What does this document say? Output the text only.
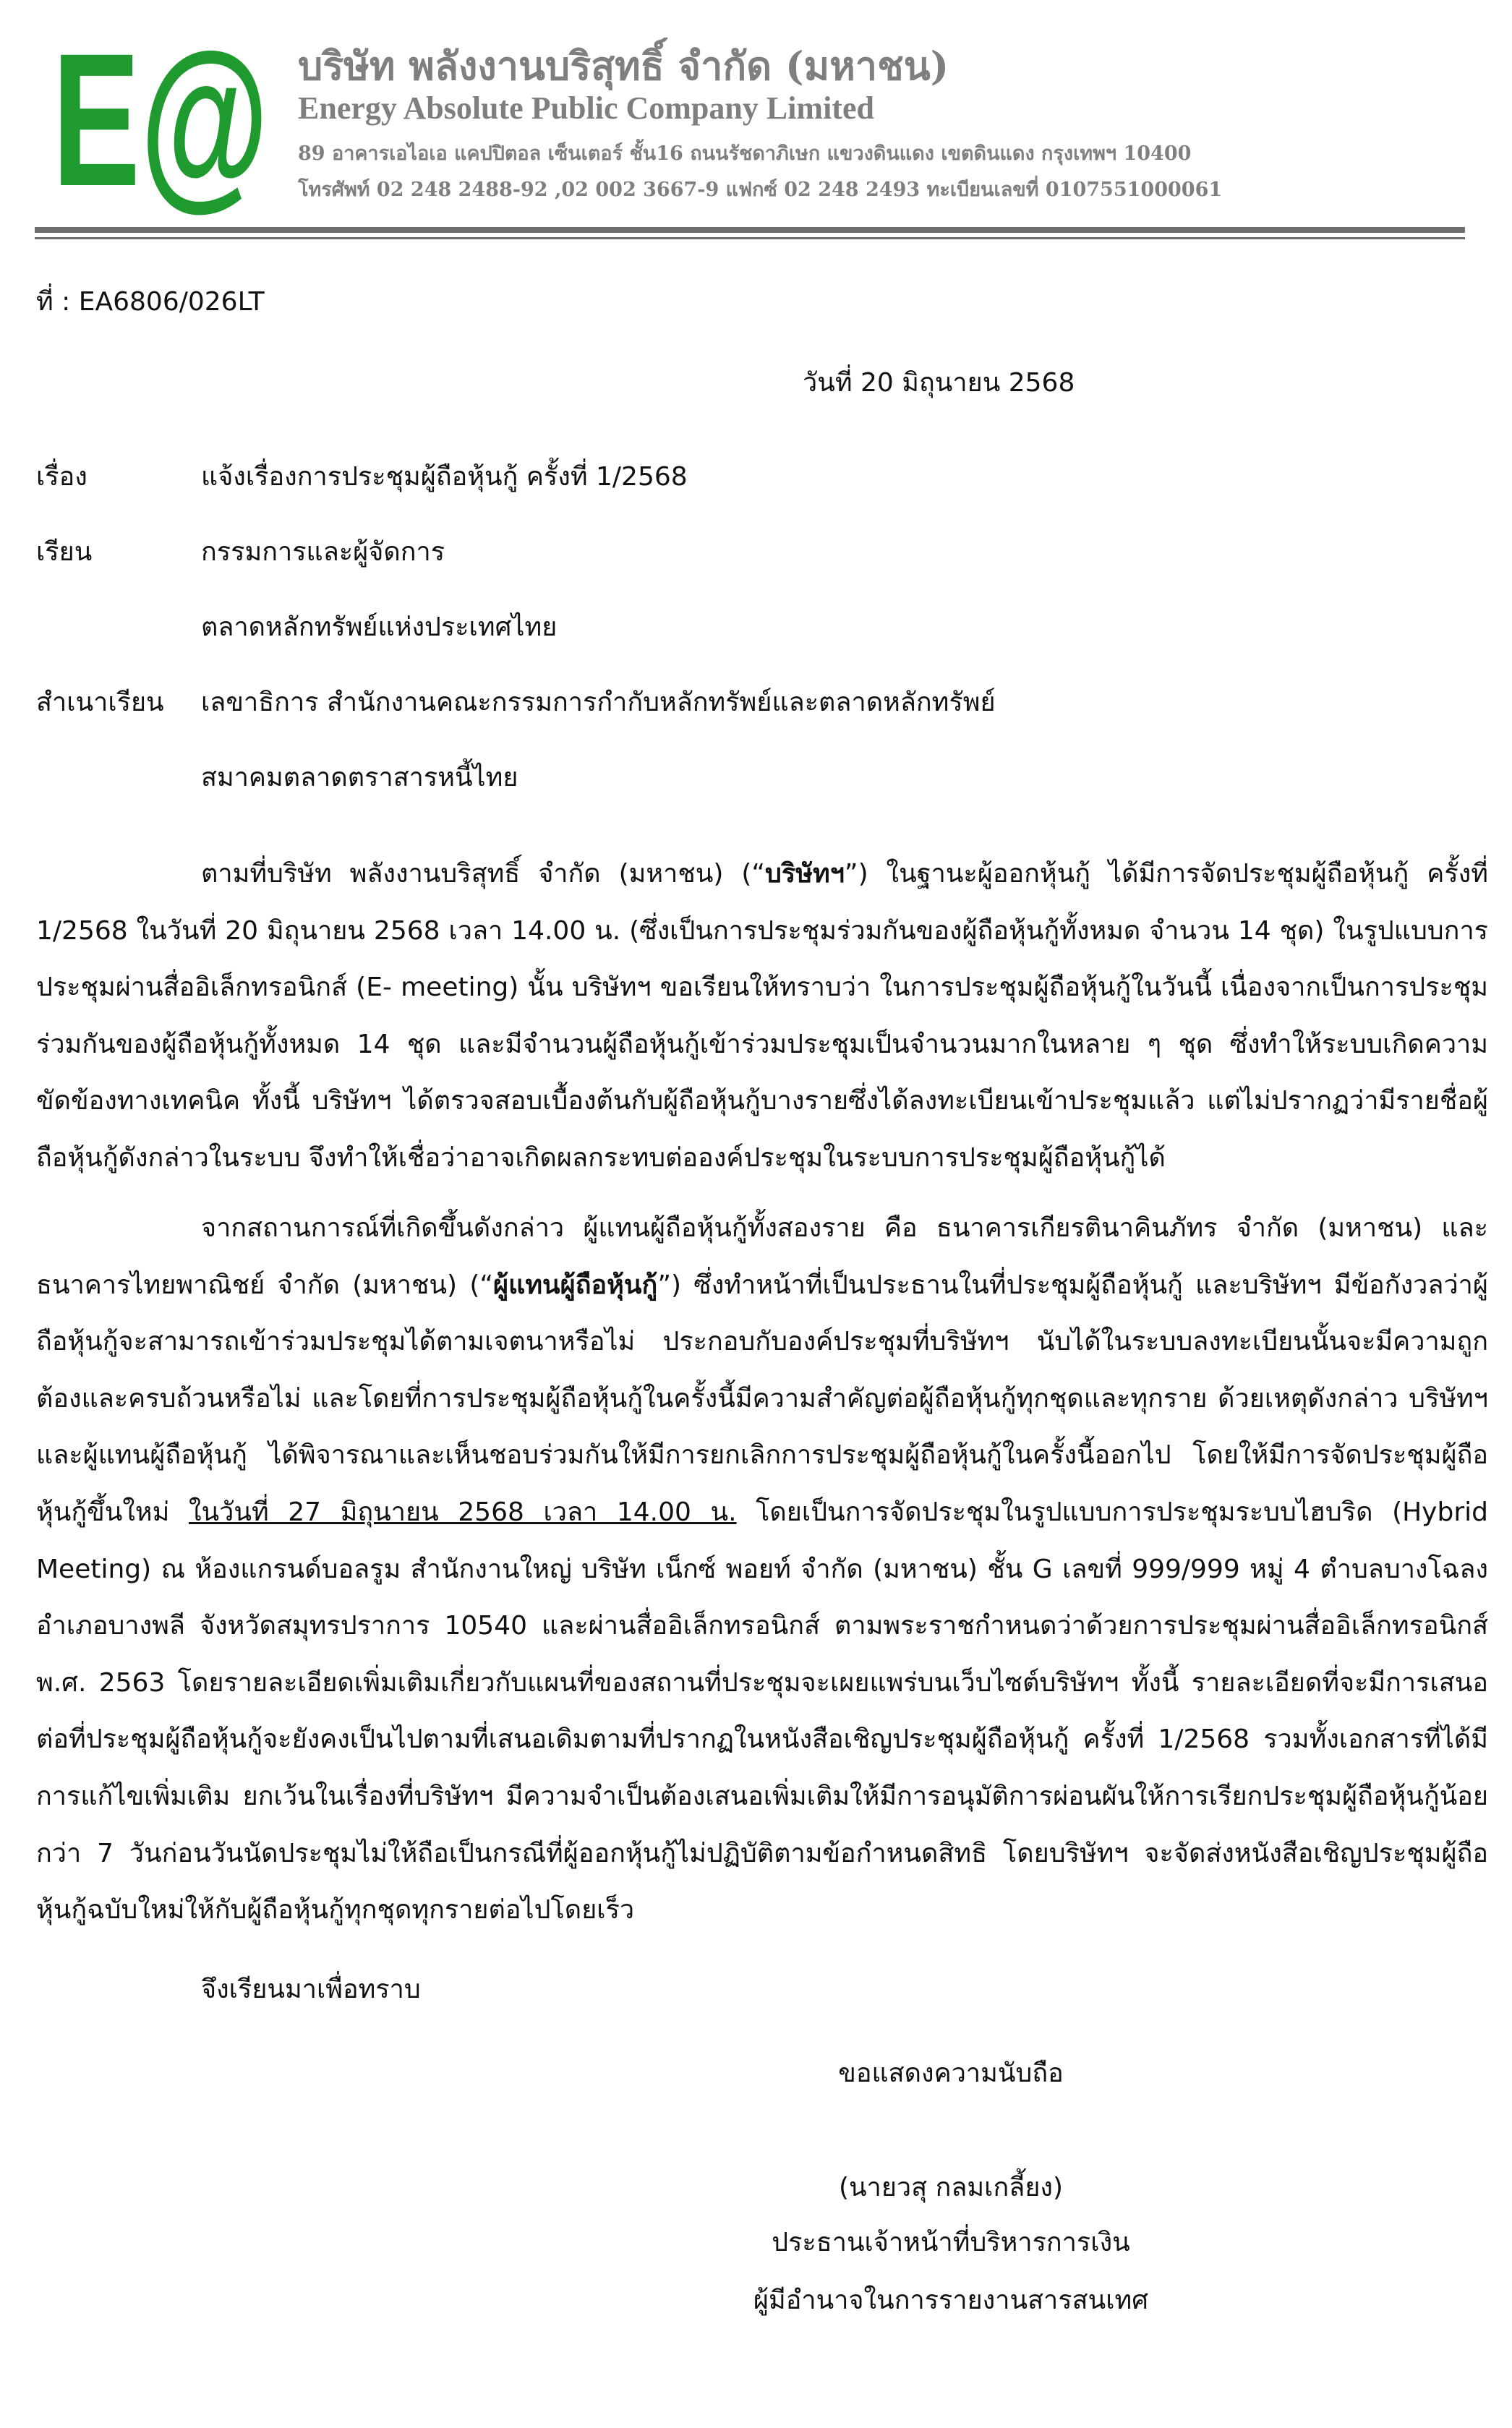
E@ บริษัท พลังงานบริสุทธิ์ จำกัด (มหาชน)
Energy Absolute Public Company Limited
89 อาคารเอไอเอ แคปปิตอล เซ็นเตอร์ ชั้น16 ถนนรัชดาภิเษก แขวงดินแดง เขตดินแดง กรุงเทพฯ 10400
โทรศัพท์ 02 248 2488-92 ,02 002 3667-9 แฟกซ์ 02 248 2493 ทะเบียนเลขที่ 0107551000061
ที่ : EA6806/026LT
วันที่ 20 มิถุนายน 2568
เรื่อง	แจ้งเรื่องการประชุมผู้ถือหุ้นกู้ ครั้งที่ 1/2568
เรียน	กรรมการและผู้จัดการ
ตลาดหลักทรัพย์แห่งประเทศไทย
สำเนาเรียน เลขาธิการ สำนักงานคณะกรรมการกำกับหลักทรัพย์และตลาดหลักทรัพย์
สมาคมตลาดตราสารหนี้ไทย
ตามที่บริษัท พลังงานบริสุทธิ์ จำกัด (มหาชน) (“บริษัทฯ”) ในฐานะผู้ออกหุ้นกู้ ได้มีการจัดประชุมผู้ถือหุ้นกู้ ครั้งที่ 1/2568 ในวันที่ 20 มิถุนายน 2568 เวลา 14.00 น. (ซึ่งเป็นการประชุมร่วมกันของผู้ถือหุ้นกู้ทั้งหมด จำนวน 14 ชุด) ในรูปแบบการประชุมผ่านสื่ออิเล็กทรอนิกส์ (E- meeting) นั้น บริษัทฯ ขอเรียนให้ทราบว่า ในการประชุมผู้ถือหุ้นกู้ในวันนี้ เนื่องจากเป็นการประชุมร่วมกันของผู้ถือหุ้นกู้ทั้งหมด 14 ชุด และมีจำนวนผู้ถือหุ้นกู้เข้าร่วมประชุมเป็นจำนวนมากในหลาย ๆ ชุด ซึ่งทำให้ระบบเกิดความขัดข้องทางเทคนิค ทั้งนี้ บริษัทฯ ได้ตรวจสอบเบื้องต้นกับผู้ถือหุ้นกู้บางรายซึ่งได้ลงทะเบียนเข้าประชุมแล้ว แต่ไม่ปรากฏว่ามีรายชื่อผู้ถือหุ้นกู้ดังกล่าวในระบบ จึงทำให้เชื่อว่าอาจเกิดผลกระทบต่อองค์ประชุมในระบบการประชุมผู้ถือหุ้นกู้ได้
จากสถานการณ์ที่เกิดขึ้นดังกล่าว ผู้แทนผู้ถือหุ้นกู้ทั้งสองราย คือ ธนาคารเกียรตินาคินภัทร จำกัด (มหาชน) และธนาคารไทยพาณิชย์ จำกัด (มหาชน) (“ผู้แทนผู้ถือหุ้นกู้”) ซึ่งทำหน้าที่เป็นประธานในที่ประชุมผู้ถือหุ้นกู้ และบริษัทฯ มีข้อกังวลว่าผู้ถือหุ้นกู้จะสามารถเข้าร่วมประชุมได้ตามเจตนาหรือไม่ ประกอบกับองค์ประชุมที่บริษัทฯ นับได้ในระบบลงทะเบียนนั้นจะมีความถูกต้องและครบถ้วนหรือไม่ และโดยที่การประชุมผู้ถือหุ้นกู้ในครั้งนี้มีความสำคัญต่อผู้ถือหุ้นกู้ทุกชุดและทุกราย ด้วยเหตุดังกล่าว บริษัทฯ และผู้แทนผู้ถือหุ้นกู้ ได้พิจารณาและเห็นชอบร่วมกันให้มีการยกเลิกการประชุมผู้ถือหุ้นกู้ในครั้งนี้ออกไป โดยให้มีการจัดประชุมผู้ถือหุ้นกู้ขึ้นใหม่ ในวันที่ 27 มิถุนายน 2568 เวลา 14.00 น. โดยเป็นการจัดประชุมในรูปแบบการประชุมระบบไฮบริด (Hybrid Meeting) ณ ห้องแกรนด์บอลรูม สำนักงานใหญ่ บริษัท เน็กซ์ พอยท์ จำกัด (มหาชน) ชั้น G เลขที่ 999/999 หมู่ 4 ตำบลบางโฉลง อำเภอบางพลี จังหวัดสมุทรปราการ 10540 และผ่านสื่ออิเล็กทรอนิกส์ ตามพระราชกำหนดว่าด้วยการประชุมผ่านสื่ออิเล็กทรอนิกส์ พ.ศ. 2563 โดยรายละเอียดเพิ่มเติมเกี่ยวกับแผนที่ของสถานที่ประชุมจะเผยแพร่บนเว็บไซต์บริษัทฯ ทั้งนี้ รายละเอียดที่จะมีการเสนอต่อที่ประชุมผู้ถือหุ้นกู้จะยังคงเป็นไปตามที่เสนอเดิมตามที่ปรากฏในหนังสือเชิญประชุมผู้ถือหุ้นกู้ ครั้งที่ 1/2568 รวมทั้งเอกสารที่ได้มีการแก้ไขเพิ่มเติม ยกเว้นในเรื่องที่บริษัทฯ มีความจำเป็นต้องเสนอเพิ่มเติมให้มีการอนุมัติการผ่อนผันให้การเรียกประชุมผู้ถือหุ้นกู้น้อยกว่า 7 วันก่อนวันนัดประชุมไม่ให้ถือเป็นกรณีที่ผู้ออกหุ้นกู้ไม่ปฏิบัติตามข้อกำหนดสิทธิ โดยบริษัทฯ จะจัดส่งหนังสือเชิญประชุมผู้ถือหุ้นกู้ฉบับใหม่ให้กับผู้ถือหุ้นกู้ทุกชุดทุกรายต่อไปโดยเร็ว
จึงเรียนมาเพื่อทราบ
ขอแสดงความนับถือ
(นายวสุ กลมเกลี้ยง)
ประธานเจ้าหน้าที่บริหารการเงิน
ผู้มีอำนาจในการรายงานสารสนเทศ
